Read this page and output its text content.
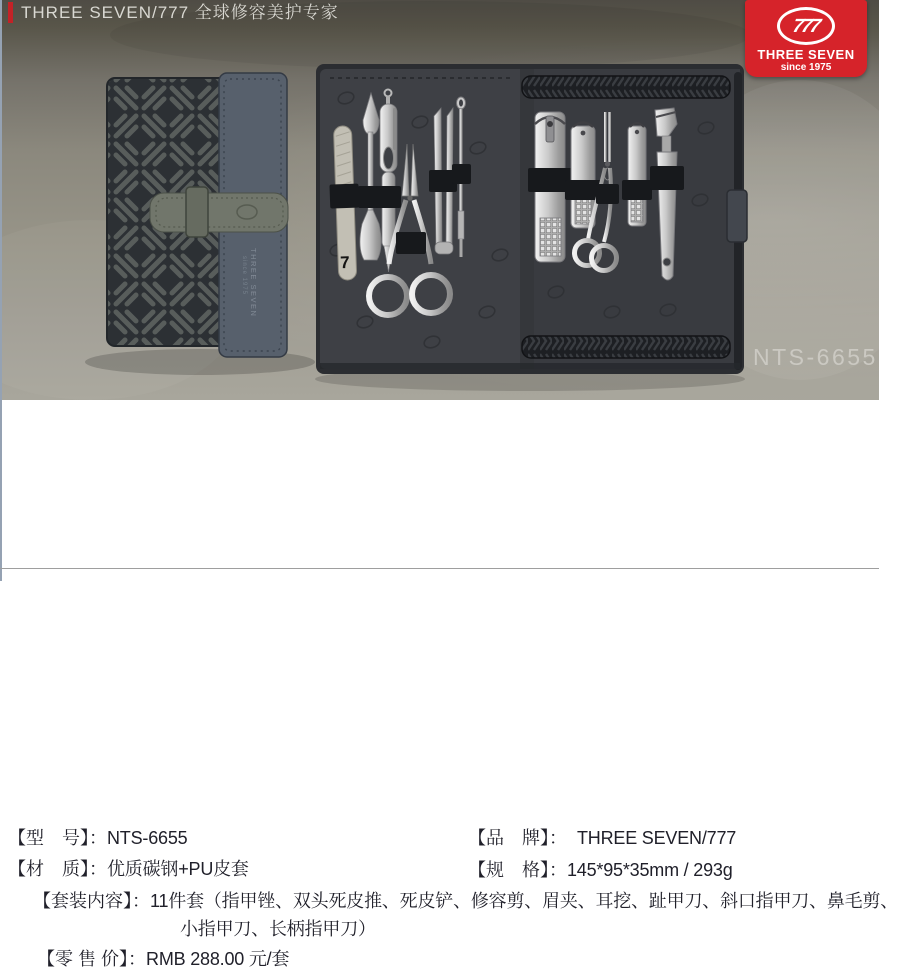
THREE SEVEN
since 1975	7
THREE SEVEN/777 全球修容美护专家
777
THREE SEVEN
since 1975
NTS-6655
【型　号】：NTS-6655	【品　牌】： THREE SEVEN/777
【材　质】：优质碳钢+PU皮套	【规　格】：145*95*35mm / 293g
【套装内容】：11件套（指甲锉、双头死皮推、死皮铲、修容剪、眉夹、耳挖、趾甲刀、斜口指甲刀、鼻毛剪、
小指甲刀、长柄指甲刀）
【零 售 价】：RMB 288.00 元/套
